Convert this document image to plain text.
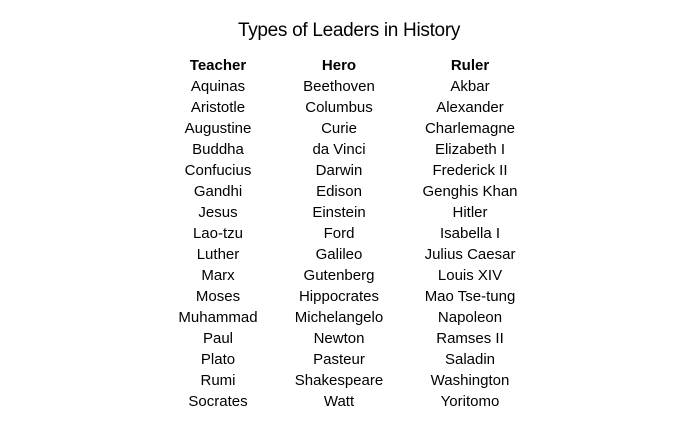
Types of Leaders in History
Teacher
Aquinas
Aristotle
Augustine
Buddha
Confucius
Gandhi
Jesus
Lao-tzu
Luther
Marx
Moses
Muhammad
Paul
Plato
Rumi
Socrates
Hero
Beethoven
Columbus
Curie
da Vinci
Darwin
Edison
Einstein
Ford
Galileo
Gutenberg
Hippocrates
Michelangelo
Newton
Pasteur
Shakespeare
Watt
Ruler
Akbar
Alexander
Charlemagne
Elizabeth I
Frederick II
Genghis Khan
Hitler
Isabella I
Julius Caesar
Louis XIV
Mao Tse-tung
Napoleon
Ramses II
Saladin
Washington
Yoritomo
